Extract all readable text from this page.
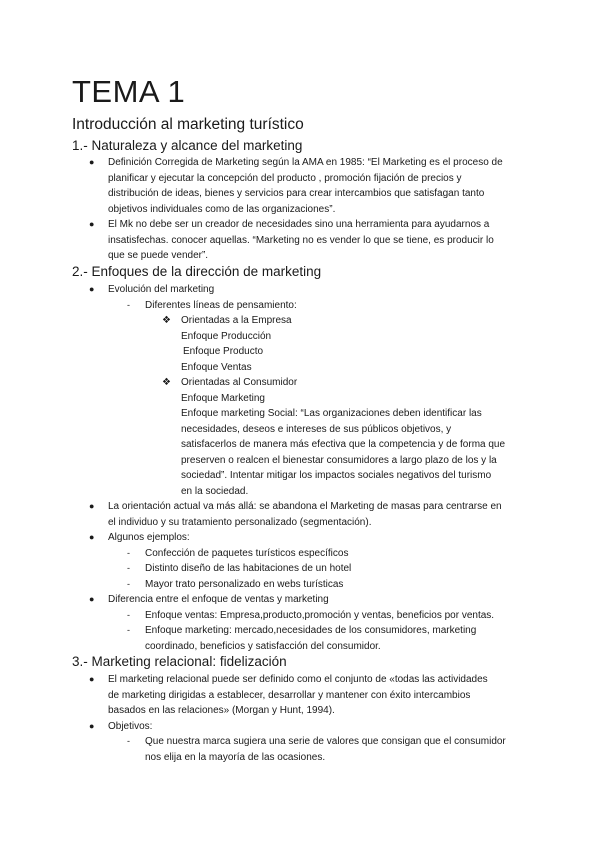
TEMA 1
Introducción al marketing turístico
1.- Naturaleza y alcance del marketing
● Definición Corregida de Marketing según la AMA en 1985: “El Marketing es el proceso de
planificar y ejecutar la concepción del producto , promoción fijación de precios y
distribución de ideas, bienes y servicios para crear intercambios que satisfagan tanto
objetivos individuales como de las organizaciones”.
● El Mk no debe ser un creador de necesidades sino una herramienta para ayudarnos a
insatisfechas. conocer aquellas. “Marketing no es vender lo que se tiene, es producir lo
que se puede vender”.
2.- Enfoques de la dirección de marketing
● Evolución del marketing
- Diferentes líneas de pensamiento:
❖ Orientadas a la Empresa
Enfoque Producción
Enfoque Producto
Enfoque Ventas
❖ Orientadas al Consumidor
Enfoque Marketing
Enfoque marketing Social: “Las organizaciones deben identificar las
necesidades, deseos e intereses de sus públicos objetivos, y
satisfacerlos de manera más efectiva que la competencia y de forma que
preserven o realcen el bienestar consumidores a largo plazo de los y la
sociedad”. Intentar mitigar los impactos sociales negativos del turismo
en la sociedad.
● La orientación actual va más allá: se abandona el Marketing de masas para centrarse en
el individuo y su tratamiento personalizado (segmentación).
● Algunos ejemplos:
- Confección de paquetes turísticos específicos
- Distinto diseño de las habitaciones de un hotel
- Mayor trato personalizado en webs turísticas
● Diferencia entre el enfoque de ventas y marketing
- Enfoque ventas: Empresa,producto,promoción y ventas, beneficios por ventas.
- Enfoque marketing: mercado,necesidades de los consumidores, marketing
coordinado, beneficios y satisfacción del consumidor.
3.- Marketing relacional: fidelización
● El marketing relacional puede ser definido como el conjunto de «todas las actividades
de marketing dirigidas a establecer, desarrollar y mantener con éxito intercambios
basados en las relaciones» (Morgan y Hunt, 1994).
● Objetivos:
- Que nuestra marca sugiera una serie de valores que consigan que el consumidor
nos elija en la mayoría de las ocasiones.
